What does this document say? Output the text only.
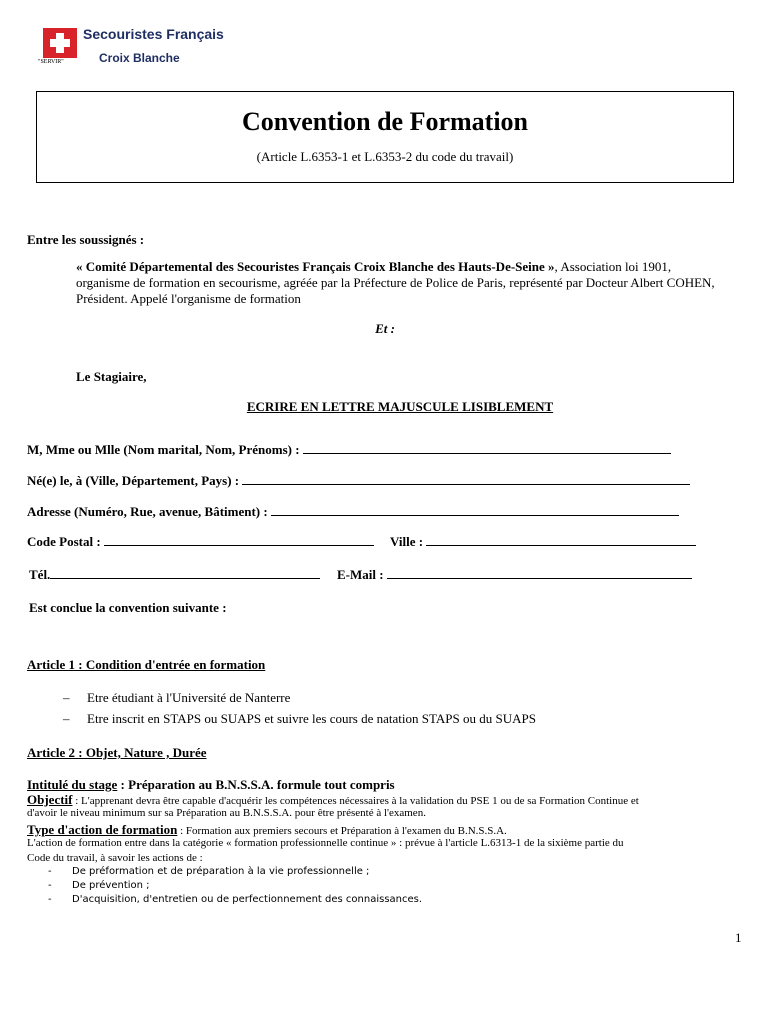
"SERVIR"
Secouristes Français
Croix Blanche
Convention de Formation
(Article L.6353-1 et L.6353-2 du code du travail)
Entre les soussignés :
« Comité Départemental des Secouristes Français Croix Blanche des Hauts-De-Seine », Association loi 1901, organisme de formation en secourisme, agréée par la Préfecture de Police de Paris, représenté par Docteur Albert COHEN, Président. Appelé l'organisme de formation
Et :
Le Stagiaire,
ECRIRE EN LETTRE MAJUSCULE LISIBLEMENT
M, Mme ou Mlle (Nom marital, Nom, Prénoms) :
Né(e) le, à (Ville, Département, Pays) :
Adresse (Numéro, Rue, avenue, Bâtiment) :
Code Postal :	Ville :
Tél.	E-Mail :
Est conclue la convention suivante :
Article 1 : Condition d'entrée en formation
– Etre étudiant à l'Université de Nanterre
– Etre inscrit en STAPS ou SUAPS et suivre les cours de natation STAPS ou du SUAPS
Article 2 : Objet, Nature , Durée
Intitulé du stage : Préparation au B.N.S.S.A. formule tout compris
Objectif : L'apprenant devra être capable d'acquérir les compétences nécessaires à la validation du PSE 1 ou de sa Formation Continue et
d'avoir le niveau minimum sur sa Préparation au B.N.S.S.A. pour être présenté à l'examen.
Type d'action de formation : Formation aux premiers secours et Préparation à l'examen du B.N.S.S.A.
L'action de formation entre dans la catégorie « formation professionnelle continue » : prévue à l'article L.6313-1 de la sixième partie du
Code du travail, à savoir les actions de :
- De préformation et de préparation à la vie professionnelle ;
- De prévention ;
- D'acquisition, d'entretien ou de perfectionnement des connaissances.
1
